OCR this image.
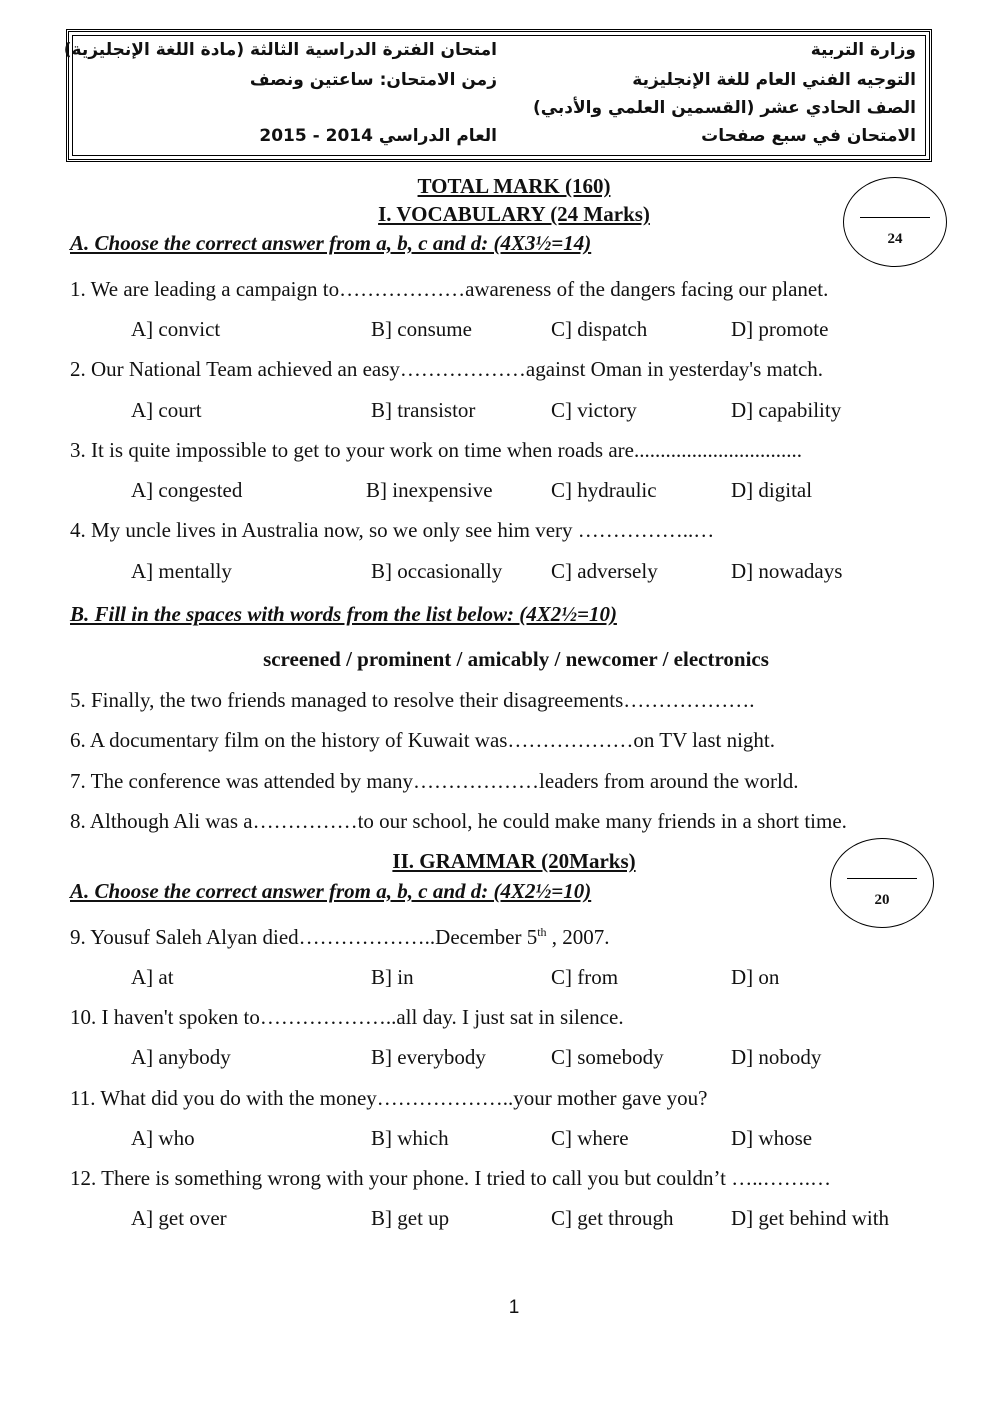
وزارة التربية
التوجيه الفني العام للغة الإنجليزية
الصف الحادي عشر (القسمين العلمي والأدبي)
الامتحان في سبع صفحات
امتحان الفترة الدراسية الثالثة (مادة اللغة الإنجليزية)
زمن الامتحان: ساعتين ونصف
العام الدراسي 2014 - 2015
TOTAL MARK (160)
I. VOCABULARY (24 Marks)
24
A. Choose the correct answer from a, b, c and d: (4X3½=14)
1. We are leading a campaign to………………awareness of the dangers facing our planet.
A] convict	B] consume	C] dispatch	D] promote
2. Our National Team achieved an easy………………against Oman in yesterday's match.
A] court	B] transistor	C] victory	D] capability
3. It is quite impossible to get to your work on time when roads are................................
A] congested	B] inexpensive	C] hydraulic	D] digital
4. My uncle lives in Australia now, so we only see him very ……………..…
A] mentally	B] occasionally C] adversely	D] nowadays
B. Fill in the spaces with words from the list below: (4X2½=10)
screened / prominent / amicably / newcomer / electronics
5. Finally, the two friends managed to resolve their disagreements……………….
6. A documentary film on the history of Kuwait was………………on TV last night.
7. The conference was attended by many………………leaders from around the world.
8. Although Ali was a……………to our school, he could make many friends in a short time.
II. GRAMMAR (20Marks)
20
A. Choose the correct answer from a, b, c and d: (4X2½=10)
9. Yousuf Saleh Alyan died………………..December 5th , 2007.
A] at	B] in	C] from	D] on
10. I haven't spoken to………………..all day. I just sat in silence.
A] anybody	B] everybody	C] somebody	D] nobody
11. What did you do with the money………………..your mother gave you?
A] who	B] which	C] where	D] whose
12. There is something wrong with your phone. I tried to call you but couldn’t …..…….…
A] get over	B] get up	C] get through	D] get behind with
1
